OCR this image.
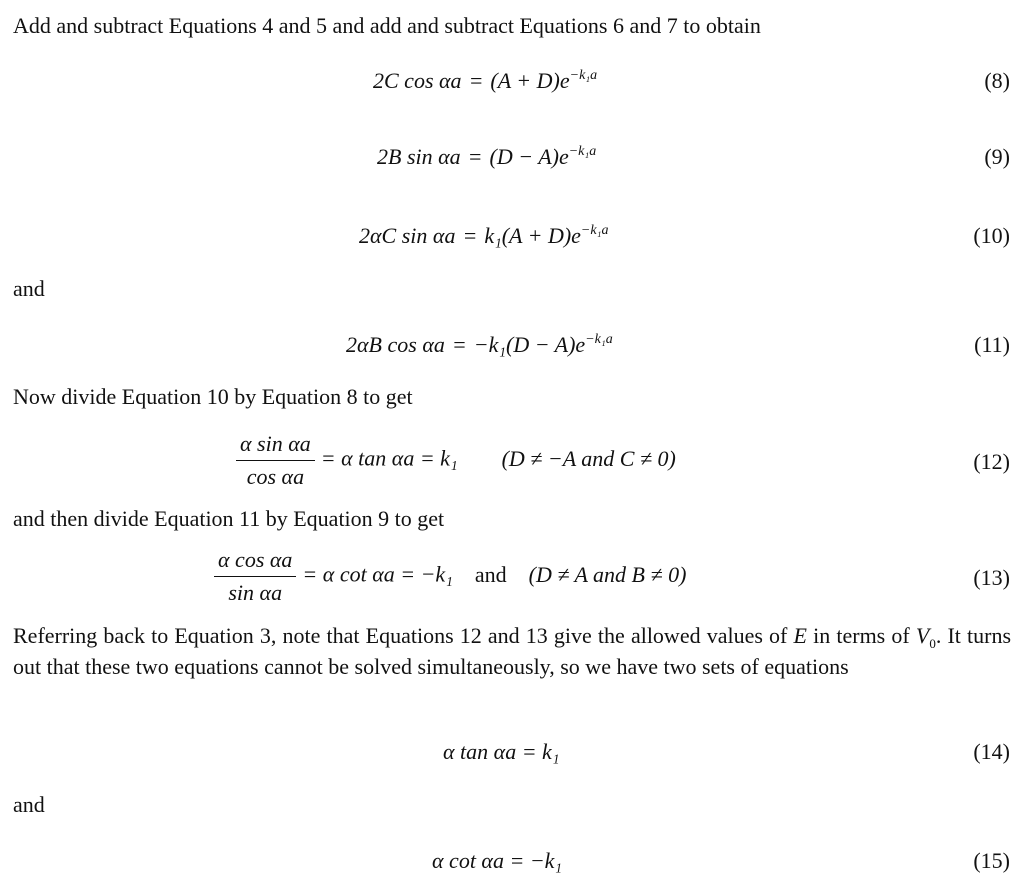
Add and subtract Equations 4 and 5 and add and subtract Equations 6 and 7 to obtain
2C $\cos \alpha a = (A + D)e^{-k_1a}$	(8)
2B $\sin \alpha a = (D - A)e^{-k_1a}$	(9)
2αC $\sin \alpha a = k_1(A + D)e^{-k_1a}$	(10)
and
2αB $\cos \alpha a = -k_1(D - A)e^{-k_1a}$	(11)
Now divide Equation 10 by Equation 8 to get
$\frac{\text{α sin αa}}{\text{cos αa}} = \alpha$ tan αa = k₁ (D ≠ −A and C ≠ 0)	(12)
and then divide Equation 11 by Equation 9 to get
$\frac{\text{α cos αa}}{\text{sin αa}} = \alpha$ cot αa = −k₁ and (D ≠ A and B ≠ 0)	(13)
Referring back to Equation 3, note that Equations 12 and 13 give the allowed values of E in terms of $V_0$. It turns out that these two equations cannot be solved simultaneously, so we have two sets of equations
α tan αa = k₁	(14)
and
α cot αa = −k₁	(15)
